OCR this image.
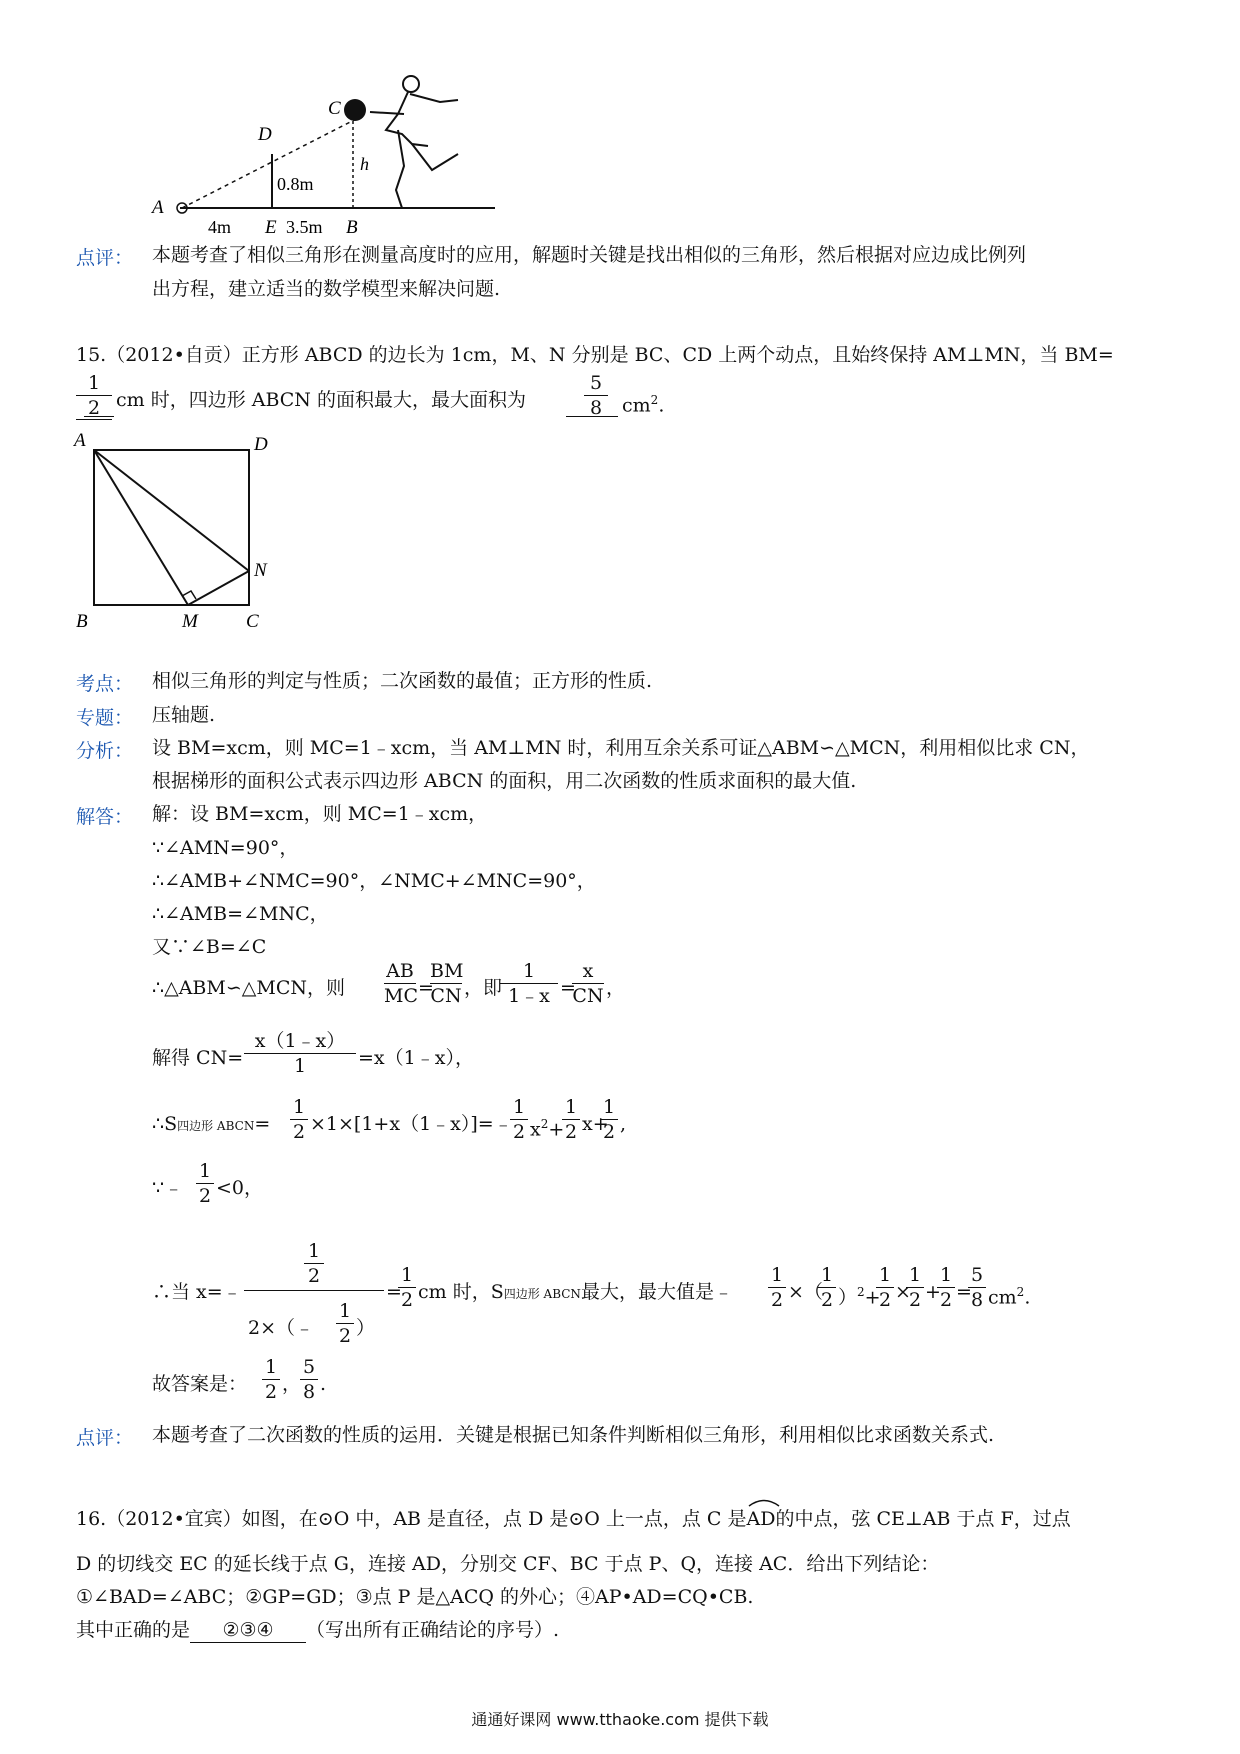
A
D
C
h
0.8m
4m E 3.5m B
点评： 本题考查了相似三角形在测量高度时的应用，解题时关键是找出相似的三角形，然后根据对应边成比例列
出方程，建立适当的数学模型来解决问题.
15.（2012•自贡）正方形 ABCD 的边长为 1cm，M、N 分别是 BC、CD 上两个动点，且始终保持 AM⊥MN，当 BM=
1
2 cm 时，四边形 ABCN 的面积最大，最大面积为
5
8	$cm^2$.
A	D
N
B	M	C
考点： 相似三角形的判定与性质；二次函数的最值；正方形的性质.
专题： 压轴题.
分析： 设 BM=xcm，则 MC=1﹣xcm，当 AM⊥MN 时，利用互余关系可证△ABM∽△MCN，利用相似比求 CN，
根据梯形的面积公式表示四边形 ABCN 的面积，用二次函数的性质求面积的最大值.
解答： 解：设 BM=xcm，则 MC=1﹣xcm，
∵∠AMN=90°，
∴∠AMB+∠NMC=90°，∠NMC+∠MNC=90°，
∴∠AMB=∠MNC，
又∵∠B=∠C
∴△ABM∽△MCN，则
AB
MC =
BM
CN ，即
1
1﹣x =
x
CN ，
解得 CN=
x（1﹣x）
1	=x（1﹣x），
∴S四边形 ABCN=
1
2 ×1×[1+x（1﹣x）]=﹣
1
2 $x^2+$
1
2 x+
1
2 ,
∵﹣
1
2 <0，
∴当 x=﹣
1
2
2×（﹣
1
2 ）
=
1
2 cm 时，S四边形 ABCN最大，最大值是﹣
1
2 ×（
1
2 ）$^2$+
1
2 ×
1
2 +
1
2 =
5
8 $cm^2$.
故答案是：
1
2 ，
5
8 .
点评： 本题考查了二次函数的性质的运用．关键是根据已知条件判断相似三角形，利用相似比求函数关系式.
16.（2012•宜宾）如图，在⊙O 中，AB 是直径，点 D 是⊙O 上一点，点 C 是
AD的中点，弦 CE⊥AB 于点 F，过点
D 的切线交 EC 的延长线于点 G，连接 AD，分别交 CF、BC 于点 P、Q，连接 AC．给出下列结论：
①∠BAD=∠ABC；②GP=GD；③点 P 是△ACQ 的外心；④AP•AD=CQ•CB.
其中正确的是 ②③④ （写出所有正确结论的序号）.
通通好课网 www.tthaoke.com 提供下载
